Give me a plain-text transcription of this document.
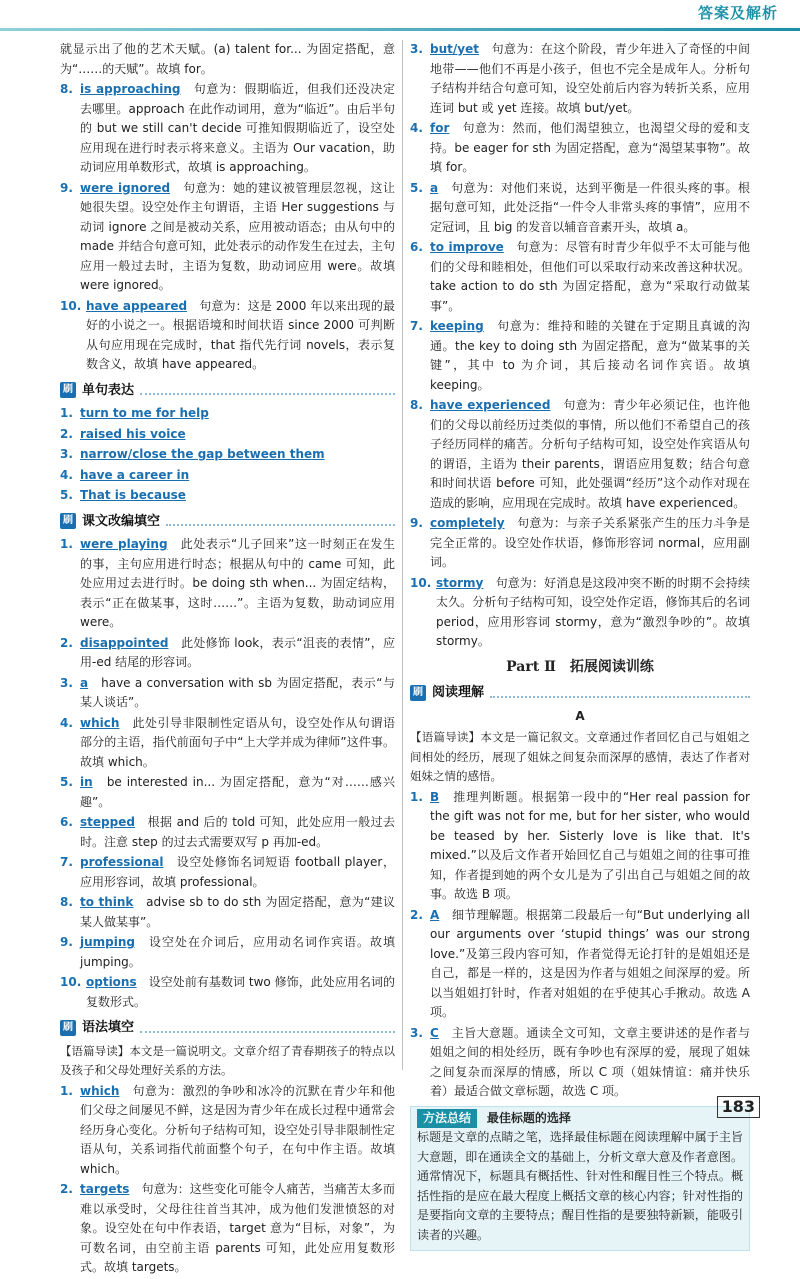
答案及解析

就显示出了他的艺术天赋。(a) talent for... 为固定搭配，意为“……的天赋”。故填 for。

8. is approaching　 句意为：假期临近，但我们还没决定去哪里。approach 在此作动词用，意为“临近”。由后半句的 but we still can't decide 可推知假期临近了，设空处应用现在进行时表示将来意义。主语为 Our vacation，助动词应用单数形式，故填 is approaching。

9. were ignored　 句意为：她的建议被管理层忽视，这让她很失望。设空处作主句谓语，主语 Her suggestions 与动词 ignore 之间是被动关系，应用被动语态；由从句中的 made 并结合句意可知，此处表示的动作发生在过去，主句应用一般过去时，主语为复数，助动词应用 were。故填 were ignored。

10. have appeared　 句意为：这是 2000 年以来出现的最好的小说之一。根据语境和时间状语 since 2000 可判断从句应用现在完成时，that 指代先行词 novels，表示复数含义，故填 have appeared。

刷 单句表达

1. turn to me for help

2. raised his voice

3. narrow/close the gap between them

4. have a career in

5. That is because

刷 课文改编填空

1. were playing　 此处表示“儿子回来”这一时刻正在发生的事，主句应用进行时态；根据从句中的 came 可知，此处应用过去进行时。be doing sth when... 为固定结构，表示“正在做某事，这时……”。主语为复数，助动词应用 were。

2. disappointed　 此处修饰 look，表示“沮丧的表情”，应用-ed 结尾的形容词。

3. a　 have a conversation with sb 为固定搭配，表示“与某人谈话”。

4. which　 此处引导非限制性定语从句，设空处作从句谓语部分的主语，指代前面句子中“上大学并成为律师”这件事。故填 which。

5. in　 be interested in... 为固定搭配，意为“对……感兴趣”。

6. stepped　 根据 and 后的 told 可知，此处应用一般过去时。注意 step 的过去式需要双写 p 再加-ed。

7. professional　 设空处修饰名词短语 football player，应用形容词，故填 professional。

8. to think　 advise sb to do sth 为固定搭配，意为“建议某人做某事”。

9. jumping　 设空处在介词后，应用动名词作宾语。故填 jumping。

10. options　 设空处前有基数词 two 修饰，此处应用名词的复数形式。

刷 语法填空

【语篇导读】本文是一篇说明文。文章介绍了青春期孩子的特点以及孩子和父母处理好关系的方法。

1. which　 句意为：激烈的争吵和冰冷的沉默在青少年和他们父母之间屡见不鲜，这是因为青少年在成长过程中通常会经历身心变化。分析句子结构可知，设空处引导非限制性定语从句，关系词指代前面整个句子，在句中作主语。故填 which。

2. targets　 句意为：这些变化可能令人痛苦，当痛苦太多而难以承受时，父母往往首当其冲，成为他们发泄愤怒的对象。设空处在句中作表语，target 意为“目标，对象”，为可数名词，由空前主语 parents 可知，此处应用复数形式。故填 targets。

3. but/yet　 句意为：在这个阶段，青少年进入了奇怪的中间地带——他们不再是小孩子，但也不完全是成年人。分析句子结构并结合句意可知，设空处前后内容为转折关系，应用连词 but 或 yet 连接。故填 but/yet。

4. for　 句意为：然而，他们渴望独立，也渴望父母的爱和支持。be eager for sth 为固定搭配，意为“渴望某事物”。故填 for。

5. a　 句意为：对他们来说，达到平衡是一件很头疼的事。根据句意可知，此处泛指“一件令人非常头疼的事情”，应用不定冠词，且 big 的发音以辅音音素开头，故填 a。

6. to improve　 句意为：尽管有时青少年似乎不太可能与他们的父母和睦相处，但他们可以采取行动来改善这种状况。take action to do sth 为固定搭配，意为“采取行动做某事”。

7. keeping　 句意为：维持和睦的关键在于定期且真诚的沟通。the key to doing sth 为固定搭配，意为“做某事的关键”，其中 to 为介词，其后接动名词作宾语。故填 keeping。

8. have experienced　 句意为：青少年必须记住，也许他们的父母以前经历过类似的事情，所以他们不希望自己的孩子经历同样的痛苦。分析句子结构可知，设空处作宾语从句的谓语，主语为 their parents，谓语应用复数；结合句意和时间状语 before 可知，此处强调“经历”这个动作对现在造成的影响，应用现在完成时。故填 have experienced。

9. completely　 句意为：与亲子关系紧张产生的压力斗争是完全正常的。设空处作状语，修饰形容词 normal，应用副词。

10. stormy　 句意为：好消息是这段冲突不断的时期不会持续太久。分析句子结构可知，设空处作定语，修饰其后的名词 period，应用形容词 stormy，意为“激烈争吵的”。故填 stormy。

Part Ⅱ　拓展阅读训练
刷 阅读理解
A

【语篇导读】本文是一篇记叙文。文章通过作者回忆自己与姐姐之间相处的经历，展现了姐妹之间复杂而深厚的感情，表达了作者对姐妹之情的感悟。

1. B　 推理判断题。根据第一段中的“Her real passion for the gift was not for me, but for her sister, who would be teased by her. Sisterly love is like that. It's mixed.”以及后文作者开始回忆自己与姐姐之间的往事可推知，作者提到她的两个女儿是为了引出自己与姐姐之间的故事。故选 B 项。

2. A　 细节理解题。根据第二段最后一句“But underlying all our arguments over ‘stupid things’ was our strong love.”及第三段内容可知，作者觉得无论打针的是姐姐还是自己，都是一样的，这是因为作者与姐姐之间深厚的爱。所以当姐姐打针时，作者对姐姐的在乎使其心手揪动。故选 A 项。

3. C　 主旨大意题。通读全文可知，文章主要讲述的是作者与姐姐之间的相处经历，既有争吵也有深厚的爱，展现了姐妹之间复杂而深厚的情感，所以 C 项（姐妹情谊：痛并快乐着）最适合做文章标题，故选 C 项。

方法总结 最佳标题的选择

标题是文章的点睛之笔，选择最佳标题在阅读理解中属于主旨大意题，即在通读全文的基础上，分析文章大意及作者意图。通常情况下，标题具有概括性、针对性和醒目性三个特点。概括性指的是应在最大程度上概括文章的核心内容；针对性指的是要指向文章的主要特点；醒目性指的是要独特新颖，能吸引读者的兴趣。

183
